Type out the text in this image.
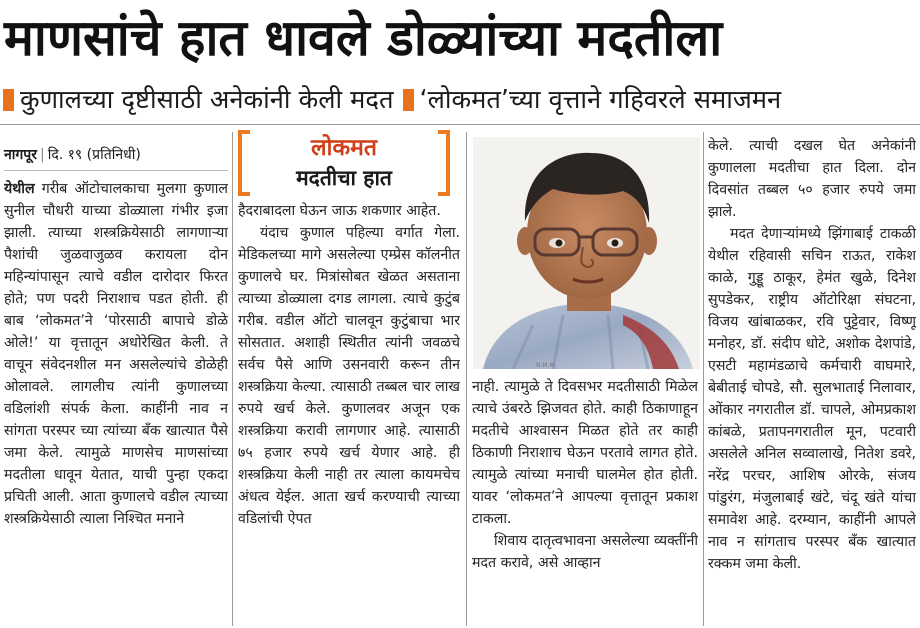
माणसांचे हात धावले डोळ्यांच्या मदतीला
कुणालच्या दृष्टीसाठी अनेकांनी केली मदत ‘लोकमत’च्या वृत्ताने गहिवरले समाजमन
नागपूर | दि. १९ (प्रतिनिधी)

येथील गरीब ऑटोचालकाचा मुलगा कुणाल सुनील चौधरी याच्या डोळ्याला गंभीर इजा झाली. त्याच्या शस्त्रक्रियेसाठी लागणाऱ्या पैशांची जुळवाजुळव करायला दोन महिन्यांपासून त्याचे वडील दारोदार फिरत होते; पण पदरी निराशाच पडत होती. ही बाब ‘लोकमत’ने ‘पोरसाठी बापाचे डोळे ओले!’ या वृत्तातून अधोरेखित केली. ते वाचून संवेदनशील मन असलेल्यांचे डोळेही ओलावले. लागलीच त्यांनी कुणालच्या वडिलांशी संपर्क केला. काहींनी नाव न सांगता परस्पर च्या त्यांच्या बँक खात्यात पैसे जमा केले. त्यामुळे माणसेच माणसांच्या मदतीला धावून येतात, याची पुन्हा एकदा प्रचिती आली. आता कुणालचे वडील त्याच्या शस्त्रक्रियेसाठी त्याला निश्चित मनाने

लोकमत
मदतीचा हात

हैदराबादला घेऊन जाऊ शकणार आहेत.

यंदाच कुणाल पहिल्या वर्गात गेला. मेडिकलच्या मागे असलेल्या एम्प्रेस कॉलनीत कुणालचे घर. मित्रांसोबत खेळत असताना त्याच्या डोळ्याला दगड लागला. त्याचे कुटुंब गरीब. वडील ऑटो चालवून कुटुंबाचा भार सोसतात. अशाही स्थितीत त्यांनी जवळचे सर्वच पैसे आणि उसनवारी करून तीन शस्त्रक्रिया केल्या. त्यासाठी तब्बल चार लाख रुपये खर्च केले. कुणालवर अजून एक शस्त्रक्रिया करावी लागणार आहे. त्यासाठी ७५ हजार रुपये खर्च येणार आहे. ही शस्त्रक्रिया केली नाही तर त्याला कायमचेच अंधत्व येईल. आता खर्च करण्याची त्याच्या वडिलांची ऐपत

N.M.M.

नाही. त्यामुळे ते दिवसभर मदतीसाठी मिळेल त्याचे उंबरठे झिजवत होते. काही ठिकाणाहून मदतीचे आश्वासन मिळत होते तर काही ठिकाणी निराशाच घेऊन परतावे लागत होते. त्यामुळे त्यांच्या मनाची घालमेल होत होती. यावर ‘लोकमत’ने आपल्या वृत्तातून प्रकाश टाकला.

शिवाय दातृत्वभावना असलेल्या व्यक्तींनी मदत करावे, असे आव्हान

केले. त्याची दखल घेत अनेकांनी कुणालला मदतीचा हात दिला. दोन दिवसांत तब्बल ५० हजार रुपये जमा झाले.

मदत देणाऱ्यांमध्ये झिंगाबाई टाकळी येथील रहिवासी सचिन राऊत, राकेश काळे, गुड्डू ठाकूर, हेमंत खुळे, दिनेश सुपडेकर, राष्ट्रीय ऑटोरिक्षा संघटना, विजय खांबाळकर, रवि पुट्टेवार, विष्णू मनोहर, डॉ. संदीप धोटे, अशोक देशपांडे, एसटी महामंडळाचे कर्मचारी वाघमारे, बेबीताई चोपडे, सौ. सुलभाताई निलावार, ओंकार नगरातील डॉ. चापले, ओमप्रकाश कांबळे, प्रतापनगरातील मून, पटवारी असलेले अनिल सव्वालाखे, नितेश डवरे, नरेंद्र परचर, आशिष ओरके, संजय पांडुरंग, मंजुलाबाई खंटे, चंदू खंते यांचा समावेश आहे. दरम्यान, काहींनी आपले नाव न सांगताच परस्पर बँक खात्यात रक्कम जमा केली.
